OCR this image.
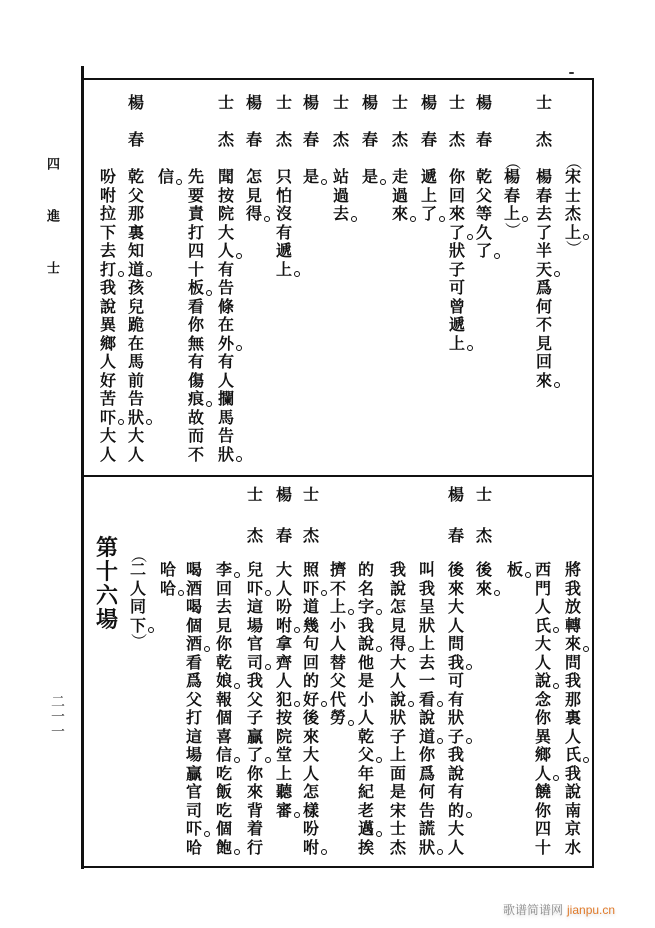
四進士
二一一
（
宋
士
杰
上
）
士
杰
楊
春
去
了
半
天
爲
何
不
見
回
來
（
楊
春
上
）
楊
春
乾
父
等
久
了
士
杰
你
回
來
了
狀
子
可
曾
遞
上
楊
春
遞
上
了
士
杰
走
過
來
楊
春
是
士
杰
站
過
去
楊
春
是
士
杰
只
怕
沒
有
遞
上
楊
春
怎
見
得
士
杰
聞
按
院
大
人
有
告
條
在
外
有
人
攔
馬
告
狀
先
要
責
打
四
十
板
看
你
無
有
傷
痕
故
而
不
信
楊
春
乾
父
那
裏
知
道
孩
兒
跪
在
馬
前
告
狀
大
人
吩
咐
拉
下
去
打
我
說
異
鄉
人
好
苦
吓
大
人
將
我
放
轉
來
問
我
那
裏
人
氏
我
說
南
京
水
西
門
人
氏
大
人
說
念
你
異
鄉
人
饒
你
四
十
板
士
杰
後
來
楊
春
後
來
大
人
問
我
可
有
狀
子
我
說
有
的
大
人
叫
我
呈
狀
上
去
一
看
說
道
你
爲
何
告
謊
狀
我
說
怎
見
得
大
人
說
狀
子
上
面
是
宋
士
杰
的
名
字
我
說
他
是
小
人
乾
父
年
紀
老
邁
挨
擠
不
上
小
人
替
父
代
勞
士
杰
照
吓
道
幾
句
回
的
好
後
來
大
人
怎
樣
吩
咐
楊
春
大
人
吩
咐
拿
齊
人
犯
按
院
堂
上
聽
審
士
杰
兒
吓
這
場
官
司
我
父
子
贏
了
你
來
背
着
行
李
回
去
見
你
乾
娘
報
個
喜
信
吃
飯
吃
個
飽
喝
酒
喝
個
酒
看
爲
父
打
這
場
贏
官
司
吓
哈
哈
哈
（
二
人
同
下
）
第
十
六
場
歌谱简谱网 jianpu.cn
